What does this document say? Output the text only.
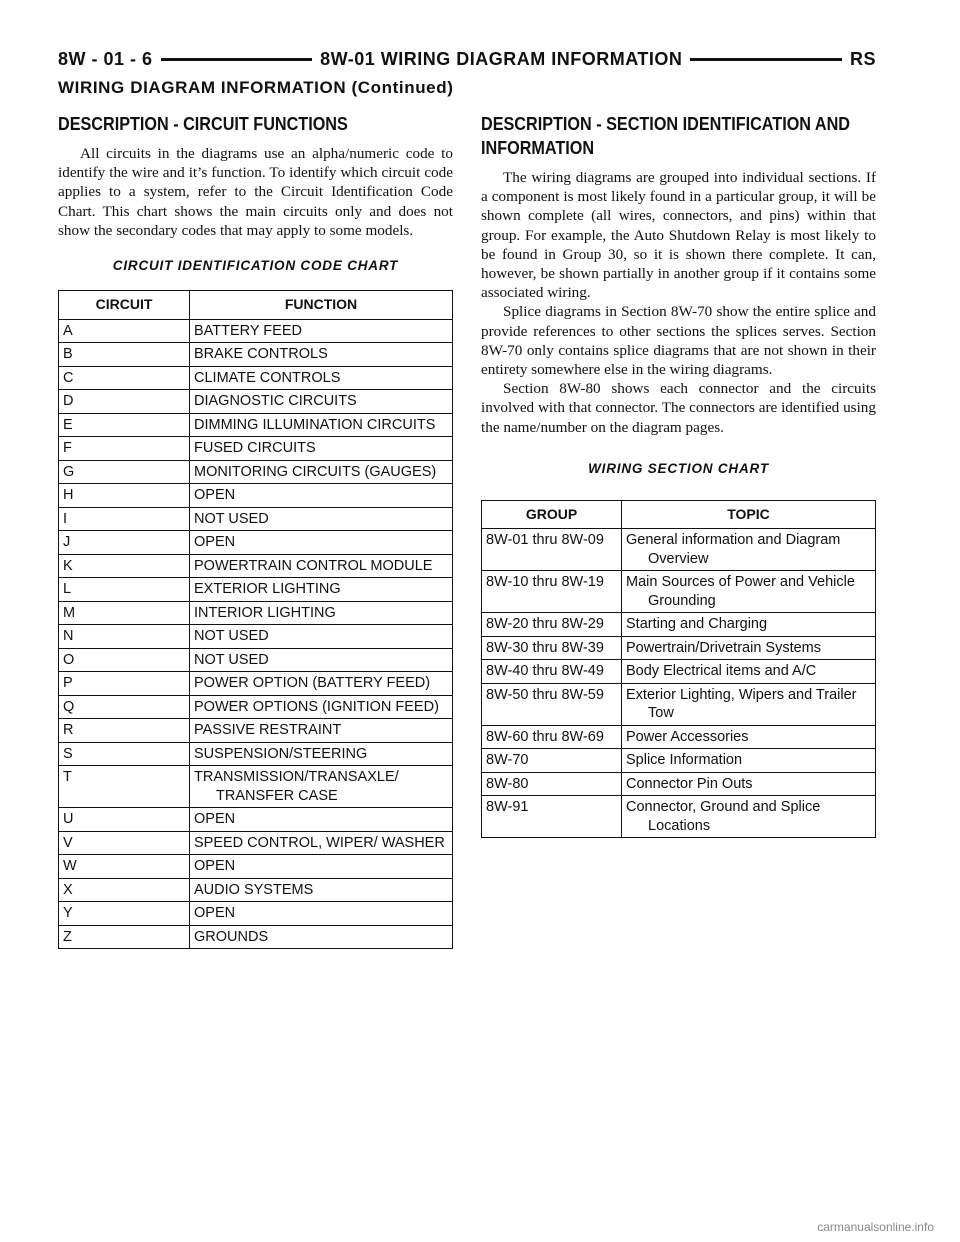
8W - 01 - 6	8W-01 WIRING DIAGRAM INFORMATION	RS
WIRING DIAGRAM INFORMATION (Continued)
DESCRIPTION - CIRCUIT FUNCTIONS

All circuits in the diagrams use an alpha/numeric code to identify the wire and it’s function. To identify which circuit code applies to a system, refer to the Circuit Identification Code Chart. This chart shows the main circuits only and does not show the secondary codes that may apply to some models.

CIRCUIT IDENTIFICATION CODE CHART
CIRCUIT	FUNCTION
A	BATTERY FEED

B	BRAKE CONTROLS

C	CLIMATE CONTROLS

D	DIAGNOSTIC CIRCUITS

E	DIMMING ILLUMINATION CIRCUITS

F	FUSED CIRCUITS

G	MONITORING CIRCUITS (GAUGES)

H	OPEN

I	NOT USED

J	OPEN

K	POWERTRAIN CONTROL MODULE

L	EXTERIOR LIGHTING

M	INTERIOR LIGHTING

N	NOT USED

O	NOT USED

P	POWER OPTION (BATTERY FEED)

Q	POWER OPTIONS (IGNITION FEED)

R	PASSIVE RESTRAINT

S	SUSPENSION/STEERING

T	TRANSMISSION/TRANSAXLE/ TRANSFER CASE

U	OPEN

V	SPEED CONTROL, WIPER/ WASHER

W	OPEN

X	AUDIO SYSTEMS

Y	OPEN

Z	GROUNDS
DESCRIPTION - SECTION IDENTIFICATION AND INFORMATION

The wiring diagrams are grouped into individual sections. If a component is most likely found in a particular group, it will be shown complete (all wires, connectors, and pins) within that group. For example, the Auto Shutdown Relay is most likely to be found in Group 30, so it is shown there complete. It can, however, be shown partially in another group if it contains some associated wiring.

Splice diagrams in Section 8W-70 show the entire splice and provide references to other sections the splices serves. Section 8W-70 only contains splice diagrams that are not shown in their entirety somewhere else in the wiring diagrams.

Section 8W-80 shows each connector and the circuits involved with that connector. The connectors are identified using the name/number on the diagram pages.

WIRING SECTION CHART
GROUP	TOPIC
8W-01 thru 8W-09	General information and Diagram Overview

8W-10 thru 8W-19	Main Sources of Power and Vehicle Grounding

8W-20 thru 8W-29	Starting and Charging

8W-30 thru 8W-39	Powertrain/Drivetrain Systems

8W-40 thru 8W-49	Body Electrical items and A/C

8W-50 thru 8W-59	Exterior Lighting, Wipers and Trailer Tow

8W-60 thru 8W-69	Power Accessories

8W-70	Splice Information

8W-80	Connector Pin Outs

8W-91	Connector, Ground and Splice Locations
carmanualsonline.info
